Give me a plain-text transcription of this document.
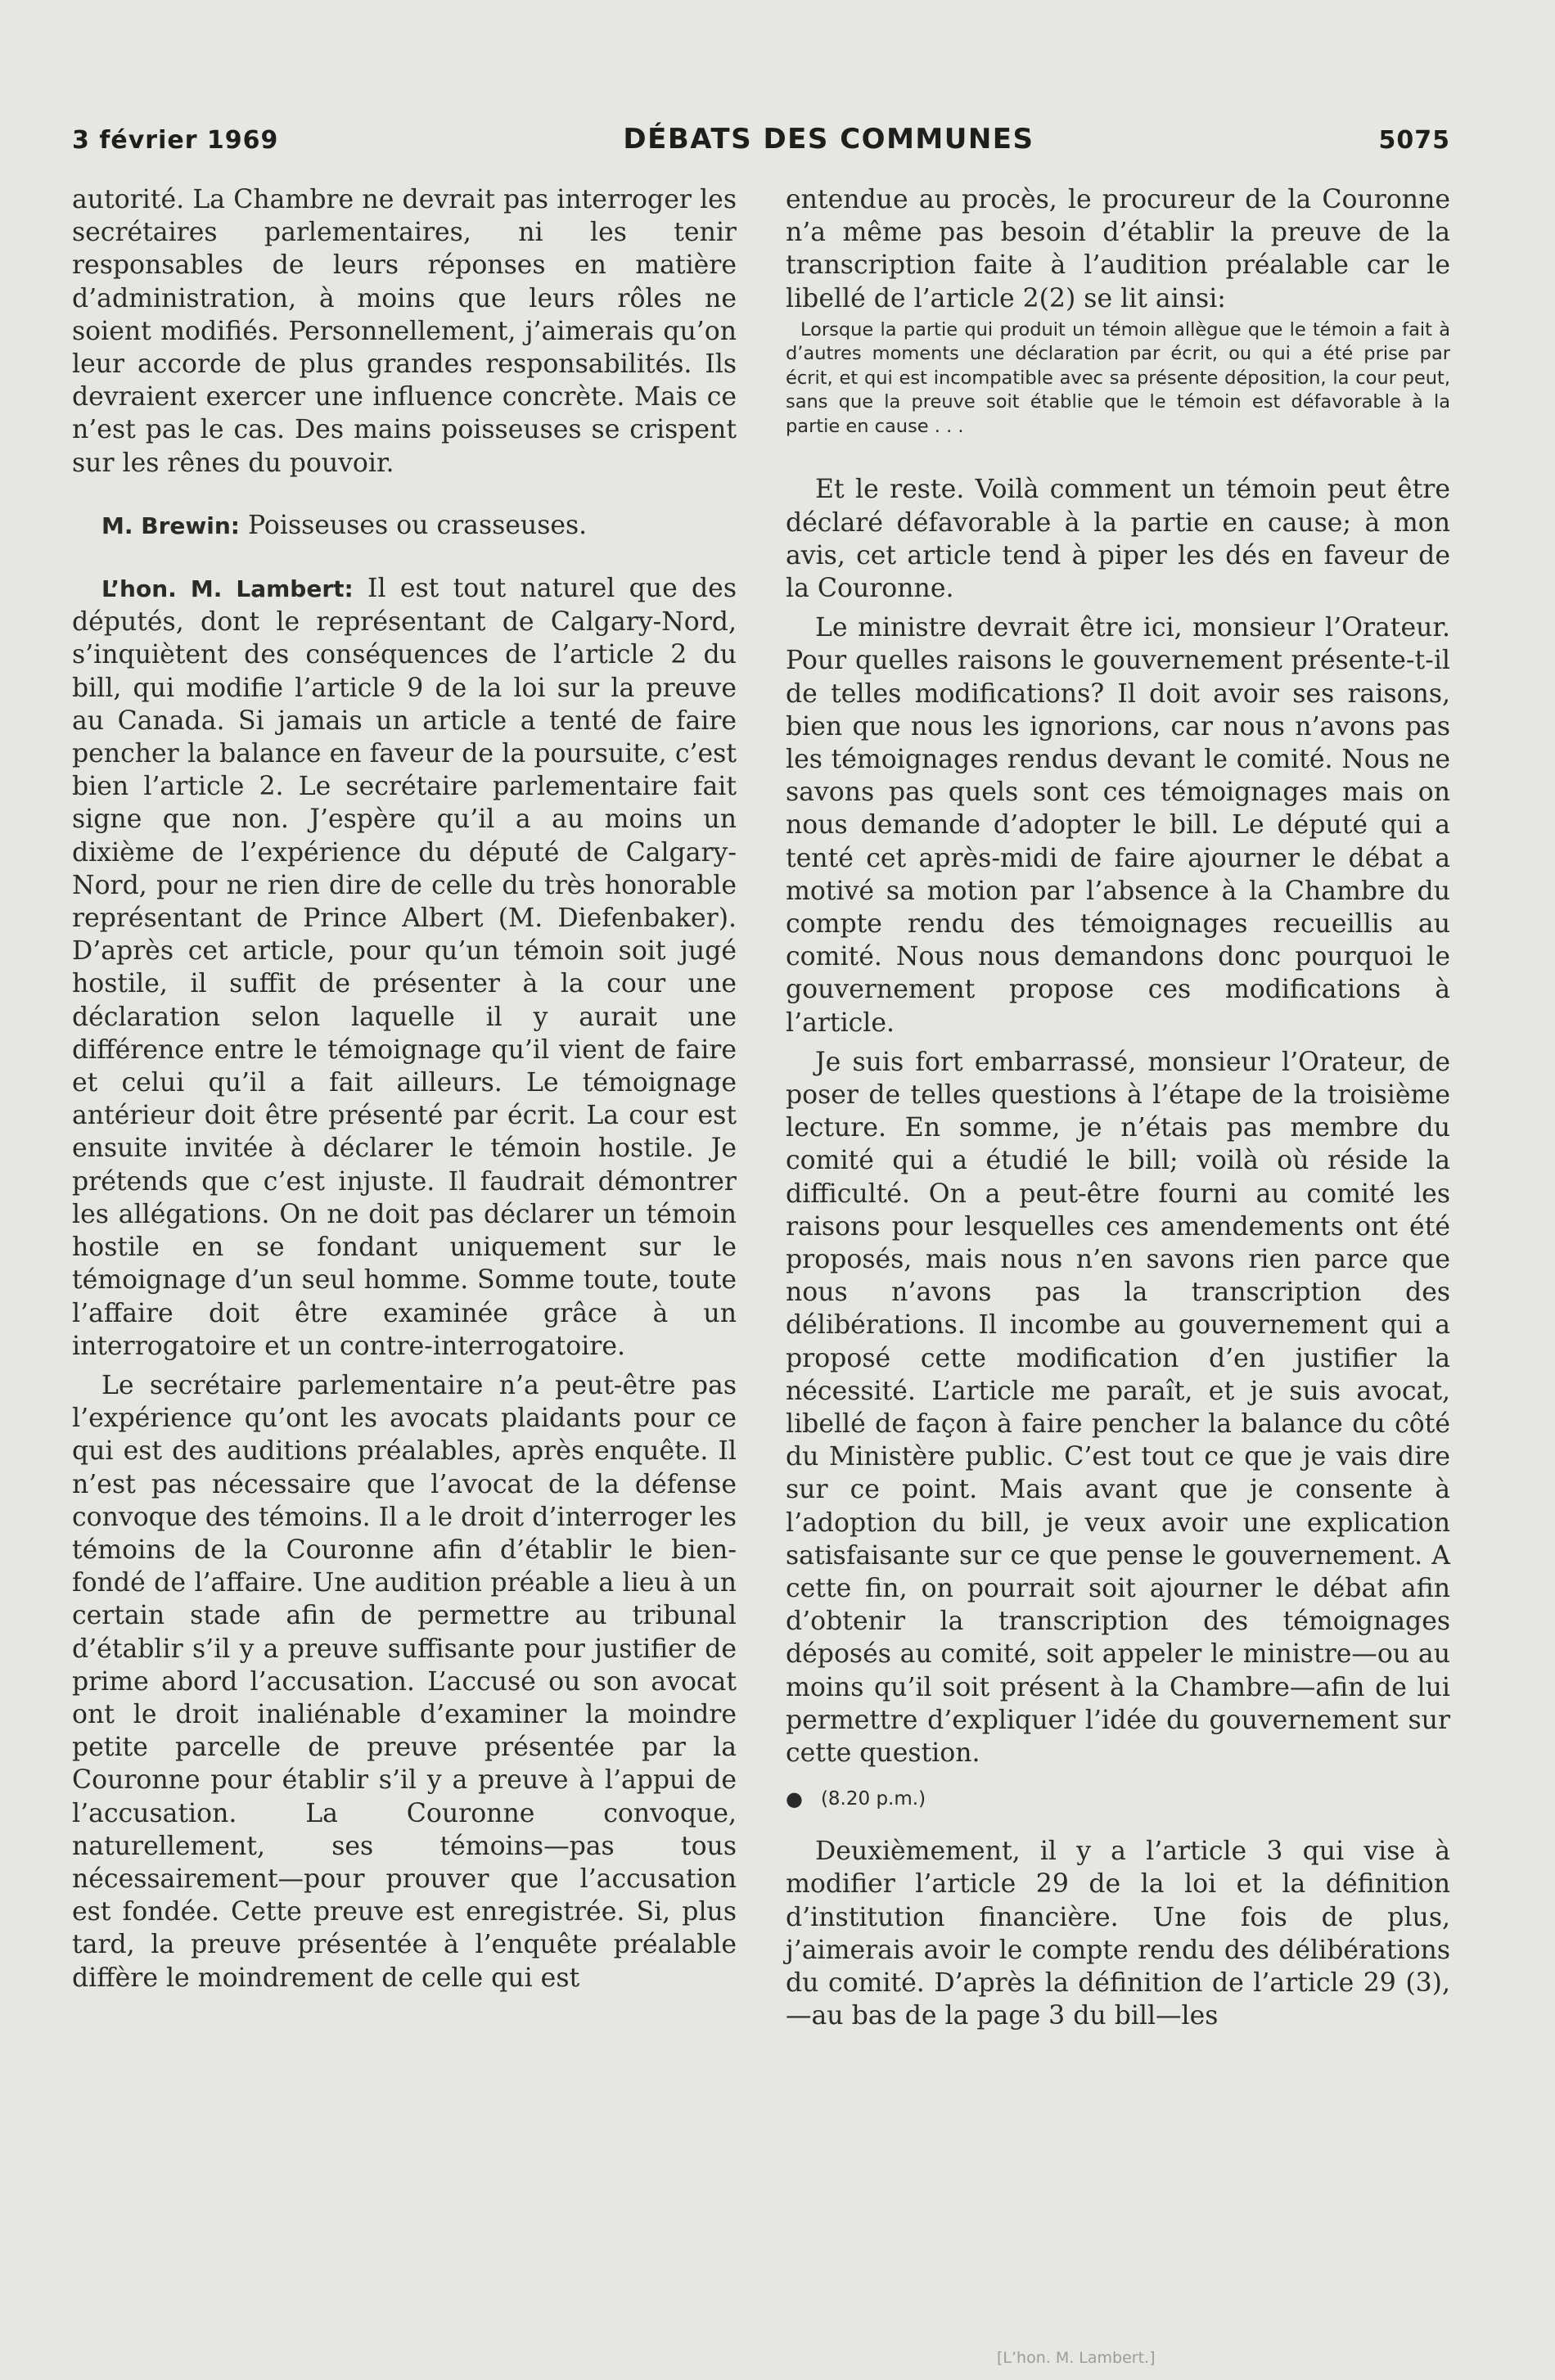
3 février 1969	DÉBATS DES COMMUNES	5075

autorité. La Chambre ne devrait pas interroger les secrétaires parlementaires, ni les tenir responsables de leurs réponses en matière d’administration, à moins que leurs rôles ne soient modifiés. Personnellement, j’aimerais qu’on leur accorde de plus grandes responsabilités. Ils devraient exercer une influence concrète. Mais ce n’est pas le cas. Des mains poisseuses se crispent sur les rênes du pouvoir.

M. Brewin: Poisseuses ou crasseuses.

L’hon. M. Lambert: Il est tout naturel que des députés, dont le représentant de Calgary-Nord, s’inquiètent des conséquences de l’article 2 du bill, qui modifie l’article 9 de la loi sur la preuve au Canada. Si jamais un article a tenté de faire pencher la balance en faveur de la poursuite, c’est bien l’article 2. Le secrétaire parlementaire fait signe que non. J’espère qu’il a au moins un dixième de l’expérience du député de Calgary-Nord, pour ne rien dire de celle du très honorable représentant de Prince Albert (M. Diefenbaker). D’après cet article, pour qu’un témoin soit jugé hostile, il suffit de présenter à la cour une déclaration selon laquelle il y aurait une différence entre le témoignage qu’il vient de faire et celui qu’il a fait ailleurs. Le témoignage antérieur doit être présenté par écrit. La cour est ensuite invitée à déclarer le témoin hostile. Je prétends que c’est injuste. Il faudrait démontrer les allégations. On ne doit pas déclarer un témoin hostile en se fondant uniquement sur le témoignage d’un seul homme. Somme toute, toute l’affaire doit être examinée grâce à un interrogatoire et un contre-interrogatoire.

Le secrétaire parlementaire n’a peut-être pas l’expérience qu’ont les avocats plaidants pour ce qui est des auditions préalables, après enquête. Il n’est pas nécessaire que l’avocat de la défense convoque des témoins. Il a le droit d’interroger les témoins de la Couronne afin d’établir le bien-fondé de l’affaire. Une audition préable a lieu à un certain stade afin de permettre au tribunal d’établir s’il y a preuve suffisante pour justifier de prime abord l’accusation. L’accusé ou son avocat ont le droit inaliénable d’examiner la moindre petite parcelle de preuve présentée par la Couronne pour établir s’il y a preuve à l’appui de l’accusation. La Couronne convoque, naturellement, ses témoins—pas tous nécessairement—pour prouver que l’accusation est fondée. Cette preuve est enregistrée. Si, plus tard, la preuve présentée à l’enquête préalable diffère le moindrement de celle qui est

entendue au procès, le procureur de la Couronne n’a même pas besoin d’établir la preuve de la transcription faite à l’audition préalable car le libellé de l’article 2(2) se lit ainsi:

Lorsque la partie qui produit un témoin allègue que le témoin a fait à d’autres moments une déclaration par écrit, ou qui a été prise par écrit, et qui est incompatible avec sa présente déposition, la cour peut, sans que la preuve soit établie que le témoin est défavorable à la partie en cause . . .

Et le reste. Voilà comment un témoin peut être déclaré défavorable à la partie en cause; à mon avis, cet article tend à piper les dés en faveur de la Couronne.

Le ministre devrait être ici, monsieur l’Orateur. Pour quelles raisons le gouvernement présente-t-il de telles modifications? Il doit avoir ses raisons, bien que nous les ignorions, car nous n’avons pas les témoignages rendus devant le comité. Nous ne savons pas quels sont ces témoignages mais on nous demande d’adopter le bill. Le député qui a tenté cet après-midi de faire ajourner le débat a motivé sa motion par l’absence à la Chambre du compte rendu des témoignages recueillis au comité. Nous nous demandons donc pourquoi le gouvernement propose ces modifications à l’article.

Je suis fort embarrassé, monsieur l’Orateur, de poser de telles questions à l’étape de la troisième lecture. En somme, je n’étais pas membre du comité qui a étudié le bill; voilà où réside la difficulté. On a peut-être fourni au comité les raisons pour lesquelles ces amendements ont été proposés, mais nous n’en savons rien parce que nous n’avons pas la transcription des délibérations. Il incombe au gouvernement qui a proposé cette modification d’en justifier la nécessité. L’article me paraît, et je suis avocat, libellé de façon à faire pencher la balance du côté du Ministère public. C’est tout ce que je vais dire sur ce point. Mais avant que je consente à l’adoption du bill, je veux avoir une explication satisfaisante sur ce que pense le gouvernement. A cette fin, on pourrait soit ajourner le débat afin d’obtenir la transcription des témoignages déposés au comité, soit appeler le ministre—ou au moins qu’il soit présent à la Chambre—afin de lui permettre d’expliquer l’idée du gouvernement sur cette question.

● (8.20 p.m.)

Deuxièmement, il y a l’article 3 qui vise à modifier l’article 29 de la loi et la définition d’institution financière. Une fois de plus, j’aimerais avoir le compte rendu des délibérations du comité. D’après la définition de l’article 29 (3),—au bas de la page 3 du bill—les

[L’hon. M. Lambert.]
